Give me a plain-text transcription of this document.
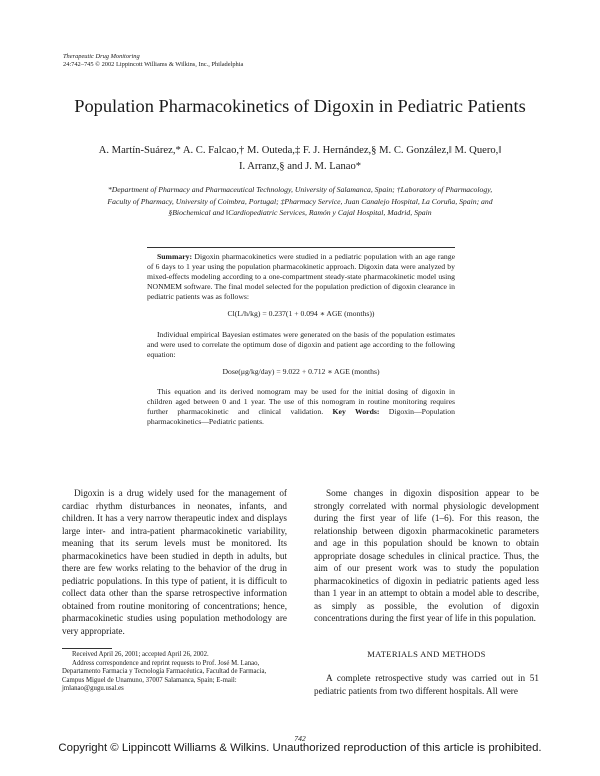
Therapeutic Drug Monitoring
24:742–745 © 2002 Lippincott Williams & Wilkins, Inc., Philadelphia
Population Pharmacokinetics of Digoxin in Pediatric Patients
A. Martín-Suárez,* A. C. Falcao,† M. Outeda,‡ F. J. Hernández,§ M. C. González,‖ M. Quero,‖
I. Arranz,§ and J. M. Lanao*
*Department of Pharmacy and Pharmaceutical Technology, University of Salamanca, Spain; †Laboratory of Pharmacology,
Faculty of Pharmacy, University of Coimbra, Portugal; ‡Pharmacy Service, Juan Canalejo Hospital, La Coruña, Spain; and
§Biochemical and ‖Cardiopediatric Services, Ramón y Cajal Hospital, Madrid, Spain

Summary: Digoxin pharmacokinetics were studied in a pediatric population with an age range of 6 days to 1 year using the population pharmacokinetic approach. Digoxin data were analyzed by mixed-effects modeling according to a one-compartment steady-state pharmacokinetic model using NONMEM software. The final model selected for the population prediction of digoxin clearance in pediatric patients was as follows:

Cl(L/h/kg) = 0.237(1 + 0.094 ∗ AGE (months))

Individual empirical Bayesian estimates were generated on the basis of the population estimates and were used to correlate the optimum dose of digoxin and patient age according to the following equation:

Dose(μg/kg/day) = 9.022 + 0.712 ∗ AGE (months)

This equation and its derived nomogram may be used for the initial dosing of digoxin in children aged between 0 and 1 year. The use of this nomogram in routine monitoring requires further pharmacokinetic and clinical validation. Key Words: Digoxin—Population pharmacokinetics—Pediatric patients.

Digoxin is a drug widely used for the management of cardiac rhythm disturbances in neonates, infants, and children. It has a very narrow therapeutic index and displays large inter- and intra-patient pharmacokinetic variability, meaning that its serum levels must be monitored. Its pharmacokinetics have been studied in depth in adults, but there are few works relating to the behavior of the drug in pediatric populations. In this type of patient, it is difficult to collect data other than the sparse retrospective information obtained from routine monitoring of concentrations; hence, pharmacokinetic studies using population methodology are very appropriate.

Some changes in digoxin disposition appear to be strongly correlated with normal physiologic development during the first year of life (1–6). For this reason, the relationship between digoxin pharmacokinetic parameters and age in this population should be known to obtain appropriate dosage schedules in clinical practice. Thus, the aim of our present work was to study the population pharmacokinetics of digoxin in pediatric patients aged less than 1 year in an attempt to obtain a model able to describe, as simply as possible, the evolution of digoxin concentrations during the first year of life in this population.

MATERIALS AND METHODS

A complete retrospective study was carried out in 51 pediatric patients from two different hospitals. All were

Received April 26, 2001; accepted April 26, 2002.

Address correspondence and reprint requests to Prof. José M. Lanao, Departamento Farmacia y Tecnología Farmacéutica, Facultad de Farmacia, Campus Miguel de Unamuno, 37007 Salamanca, Spain; E-mail: jmlanao@gugu.usal.es

742
Copyright © Lippincott Williams & Wilkins. Unauthorized reproduction of this article is prohibited.
